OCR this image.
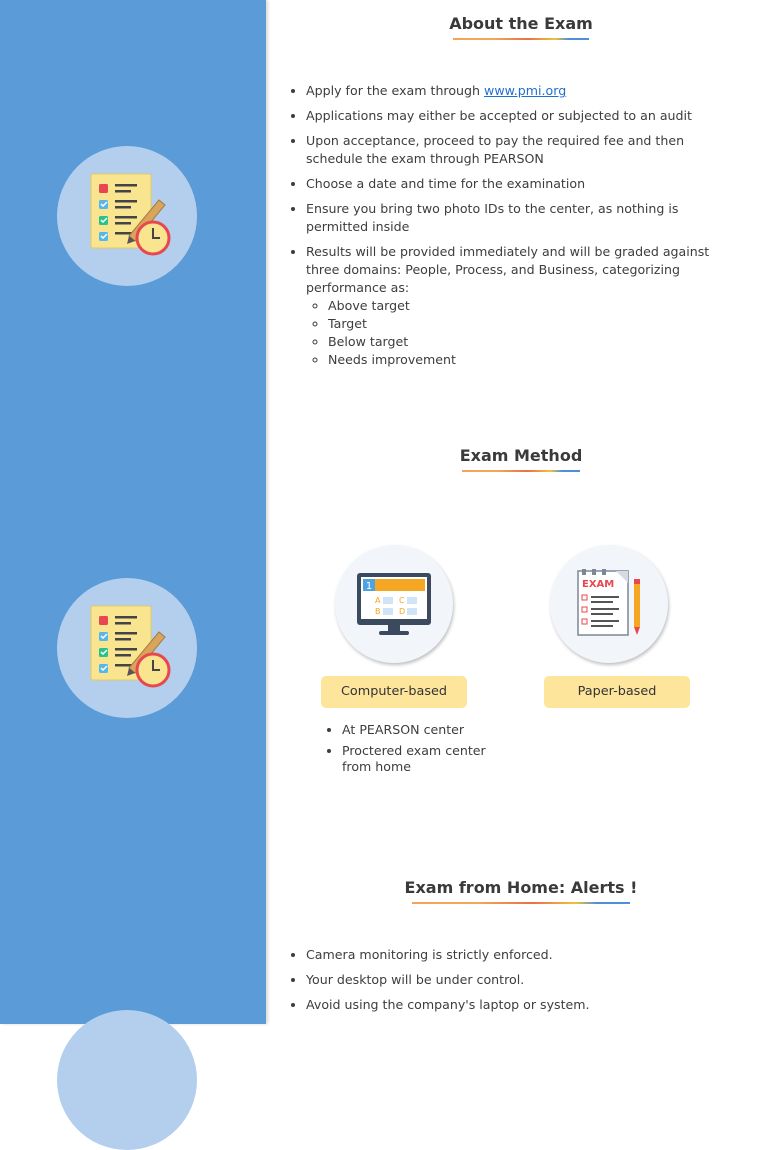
About the Exam
• Apply for the exam through www.pmi.org
• Applications may either be accepted or subjected to an audit
• Upon acceptance, proceed to pay the required fee and then schedule the exam through PEARSON
• Choose a date and time for the examination
• Ensure you bring two photo IDs to the center, as nothing is permitted inside
• Results will be provided immediately and will be graded against three domains: People, Process, and Business, categorizing performance as:
◦ Above target
◦ Target
◦ Below target
◦ Needs improvement
Exam Method
1
A C
B D
EXAM
Computer-based	Paper-based
• At PEARSON center
• Proctered exam center from home
Exam from Home: Alerts !
• Camera monitoring is strictly enforced.
• Your desktop will be under control.
• Avoid using the company's laptop or system.
